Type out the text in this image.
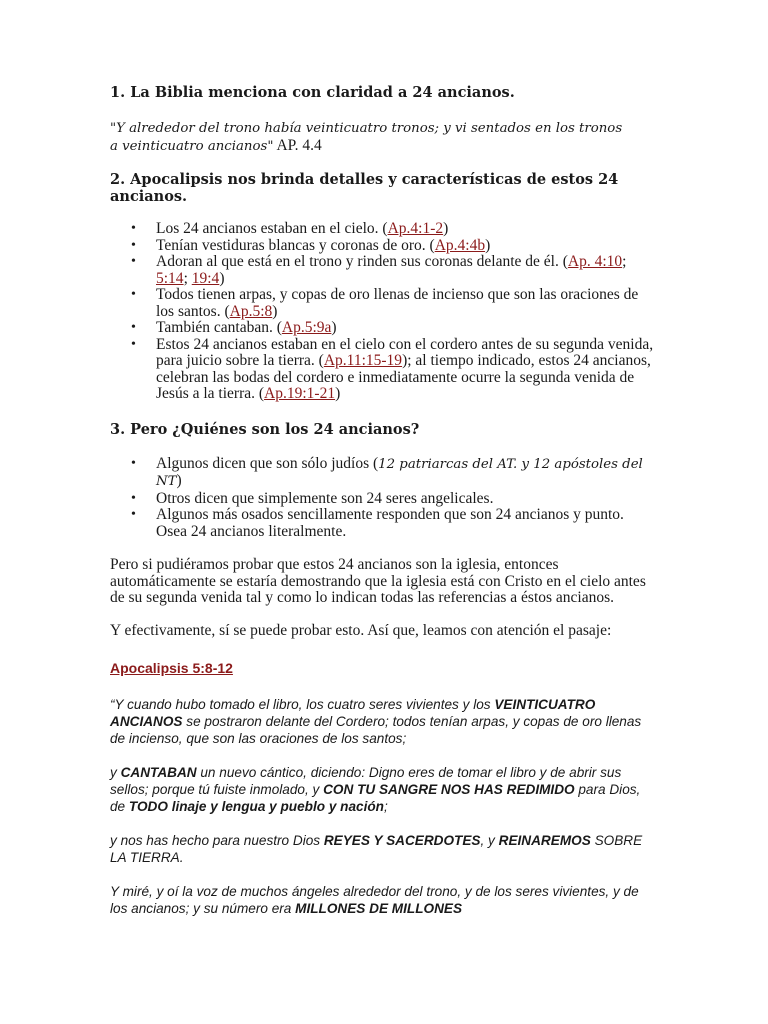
1. La Biblia menciona con claridad a 24 ancianos.

"Y alrededor del trono había veinticuatro tronos; y vi sentados en los tronos
a veinticuatro ancianos" AP. 4.4

2. Apocalipsis nos brinda detalles y características de estos 24
ancianos.

• Los 24 ancianos estaban en el cielo. (Ap.4:1-2)
• Tenían vestiduras blancas y coronas de oro. (Ap.4:4b)
• Adoran al que está en el trono y rinden sus coronas delante de él. (Ap. 4:10; 5:14; 19:4)
• Todos tienen arpas, y copas de oro llenas de incienso que son las oraciones de los santos. (Ap.5:8)
• También cantaban. (Ap.5:9a)
• Estos 24 ancianos estaban en el cielo con el cordero antes de su segunda venida, para juicio sobre la tierra. (Ap.11:15-19); al tiempo indicado, estos 24 ancianos, celebran las bodas del cordero e inmediatamente ocurre la segunda venida de Jesús a la tierra. (Ap.19:1-21)

3. Pero ¿Quiénes son los 24 ancianos?

• Algunos dicen que son sólo judíos (12 patriarcas del AT. y 12 apóstoles del NT)
• Otros dicen que simplemente son 24 seres angelicales.
• Algunos más osados sencillamente responden que son 24 ancianos y punto. Osea 24 ancianos literalmente.

Pero si pudiéramos probar que estos 24 ancianos son la iglesia, entonces automáticamente se estaría demostrando que la iglesia está con Cristo en el cielo antes de su segunda venida tal y como lo indican todas las referencias a éstos ancianos.

Y efectivamente, sí se puede probar esto. Así que, leamos con atención el pasaje:

Apocalipsis 5:8-12

“Y cuando hubo tomado el libro, los cuatro seres vivientes y los VEINTICUATRO ANCIANOS se postraron delante del Cordero; todos tenían arpas, y copas de oro llenas de incienso, que son las oraciones de los santos;

y CANTABAN un nuevo cántico, diciendo: Digno eres de tomar el libro y de abrir sus sellos; porque tú fuiste inmolado, y CON TU SANGRE NOS HAS REDIMIDO para Dios, de TODO linaje y lengua y pueblo y nación;

y nos has hecho para nuestro Dios REYES Y SACERDOTES, y REINAREMOS SOBRE LA TIERRA.

Y miré, y oí la voz de muchos ángeles alrededor del trono, y de los seres vivientes, y de los ancianos; y su número era MILLONES DE MILLONES
